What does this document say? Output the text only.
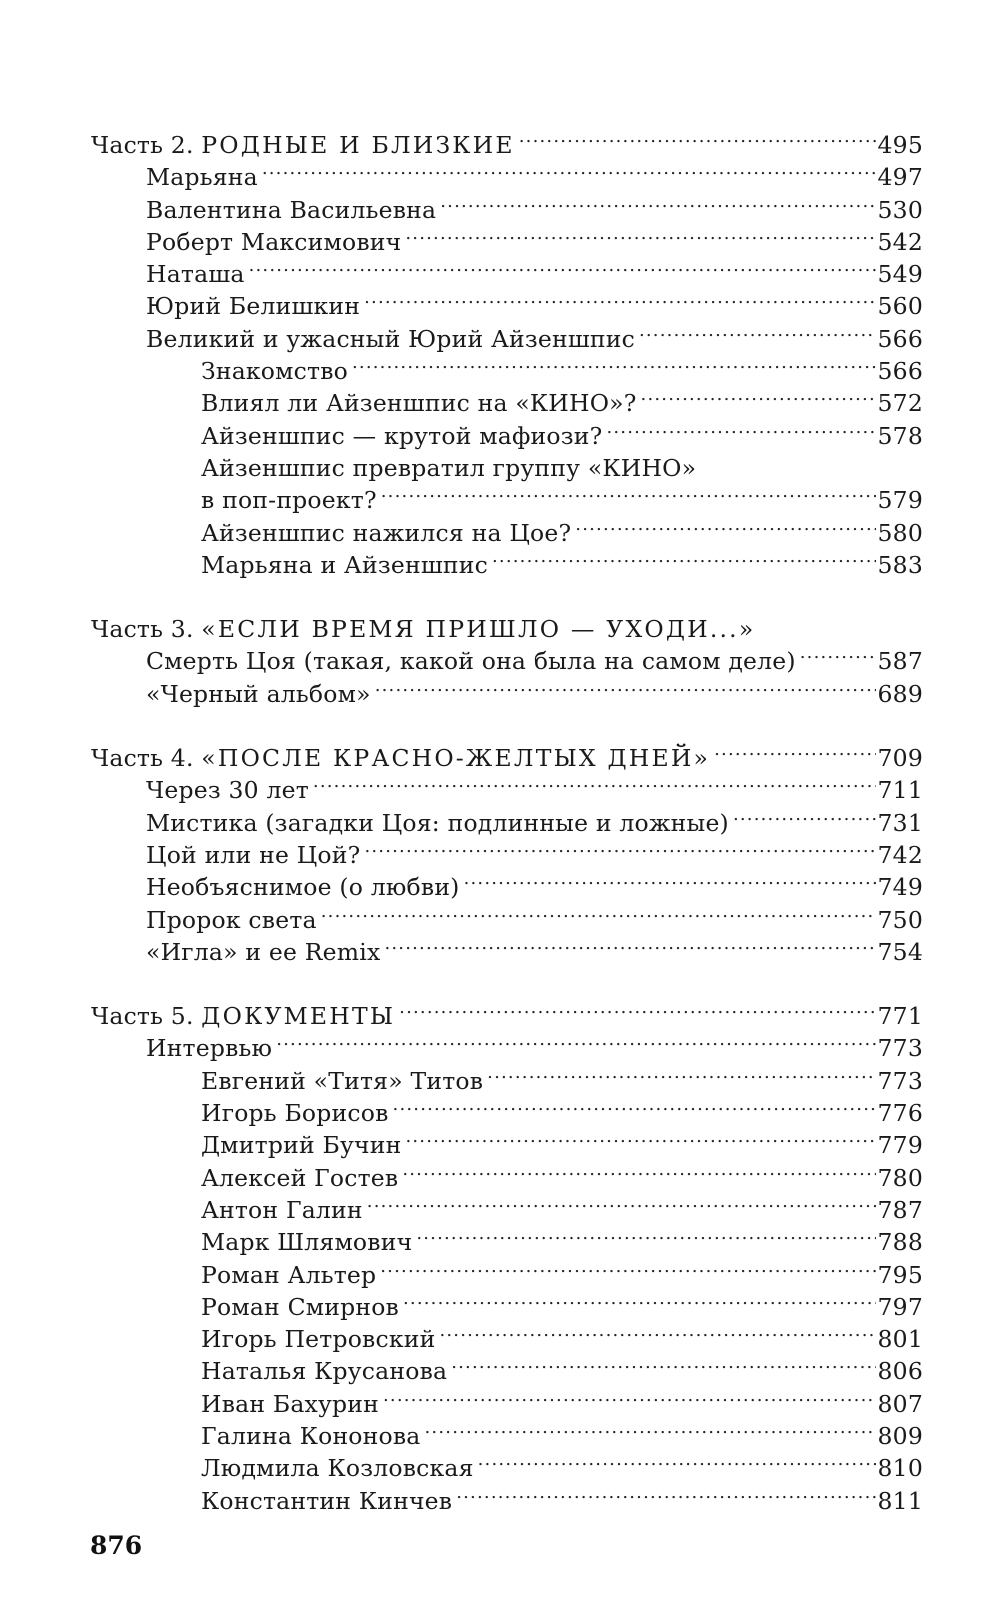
Часть 2. РОДНЫЕ И БЛИЗКИЕ .....	495
Марьяна .....	497
Валентина Васильевна .....	530
Роберт Максимович .....	542
Наташа .....	549
Юрий Белишкин .....	560
Великий и ужасный Юрий Айзеншпис .....	566
Знакомство .....	566
Влиял ли Айзеншпис на «КИНО»? .....	572
Айзеншпис — крутой мафиози? .....	578
Айзеншпис превратил группу «КИНО»
в поп-проект? .....	579
Айзеншпис нажился на Цое? .....	580
Марьяна и Айзеншпис .....	583
Часть 3. «ЕСЛИ ВРЕМЯ ПРИШЛО — УХОДИ...»
Смерть Цоя (такая, какой она была на самом деле) .....	587
«Черный альбом» .....	689
Часть 4. «ПОСЛЕ КРАСНО-ЖЕЛТЫХ ДНЕЙ» .....	709
Через 30 лет .....	711
Мистика (загадки Цоя: подлинные и ложные) .....	731
Цой или не Цой? .....	742
Необъяснимое (о любви) .....	749
Пророк света .....	750
«Игла» и ее Remix .....	754
Часть 5. ДОКУМЕНТЫ .....	771
Интервью .....	773
Евгений «Титя» Титов .....	773
Игорь Борисов .....	776
Дмитрий Бучин .....	779
Алексей Гостев .....	780
Антон Галин .....	787
Марк Шлямович .....	788
Роман Альтер .....	795
Роман Смирнов .....	797
Игорь Петровский .....	801
Наталья Крусанова .....	806
Иван Бахурин .....	807
Галина Кононова .....	809
Людмила Козловская .....	810
Константин Кинчев .....	811
876
